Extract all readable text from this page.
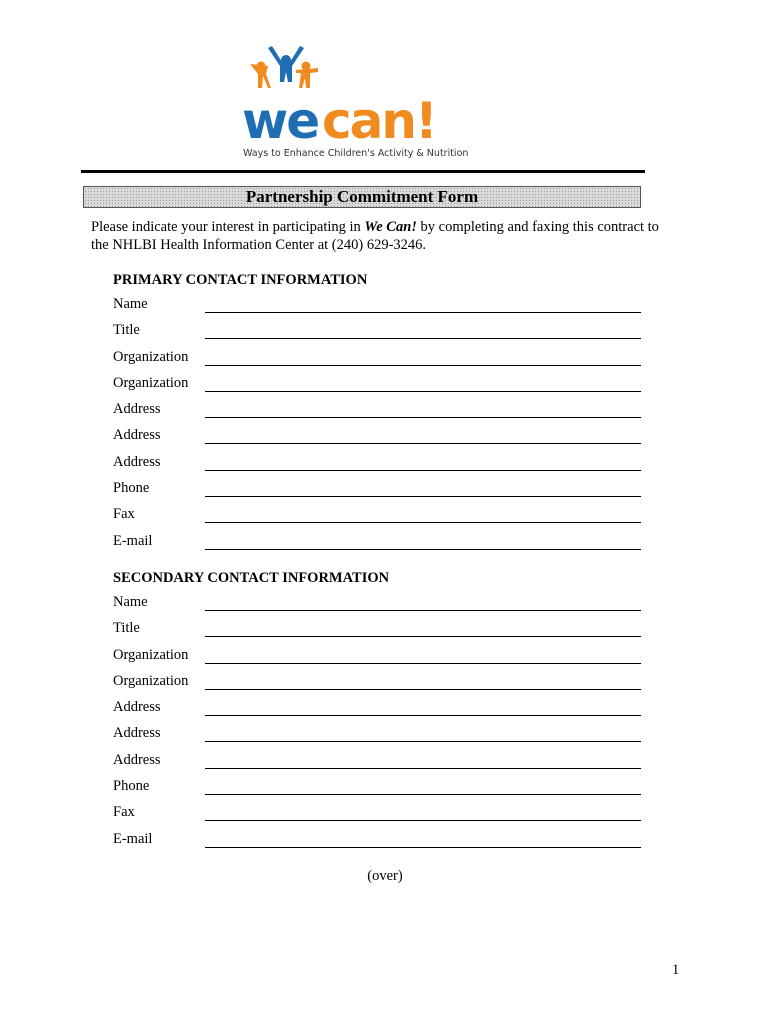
we can!
Ways to Enhance Children's Activity & Nutrition
Partnership Commitment Form
Please indicate your interest in participating in We Can! by completing and faxing this contract to the NHLBI Health Information Center at (240) 629-3246.
PRIMARY CONTACT INFORMATION
Name
Title
Organization
Organization
Address
Address
Address
Phone
Fax
E-mail
SECONDARY CONTACT INFORMATION
Name
Title
Organization
Organization
Address
Address
Address
Phone
Fax
E-mail
(over)
1
